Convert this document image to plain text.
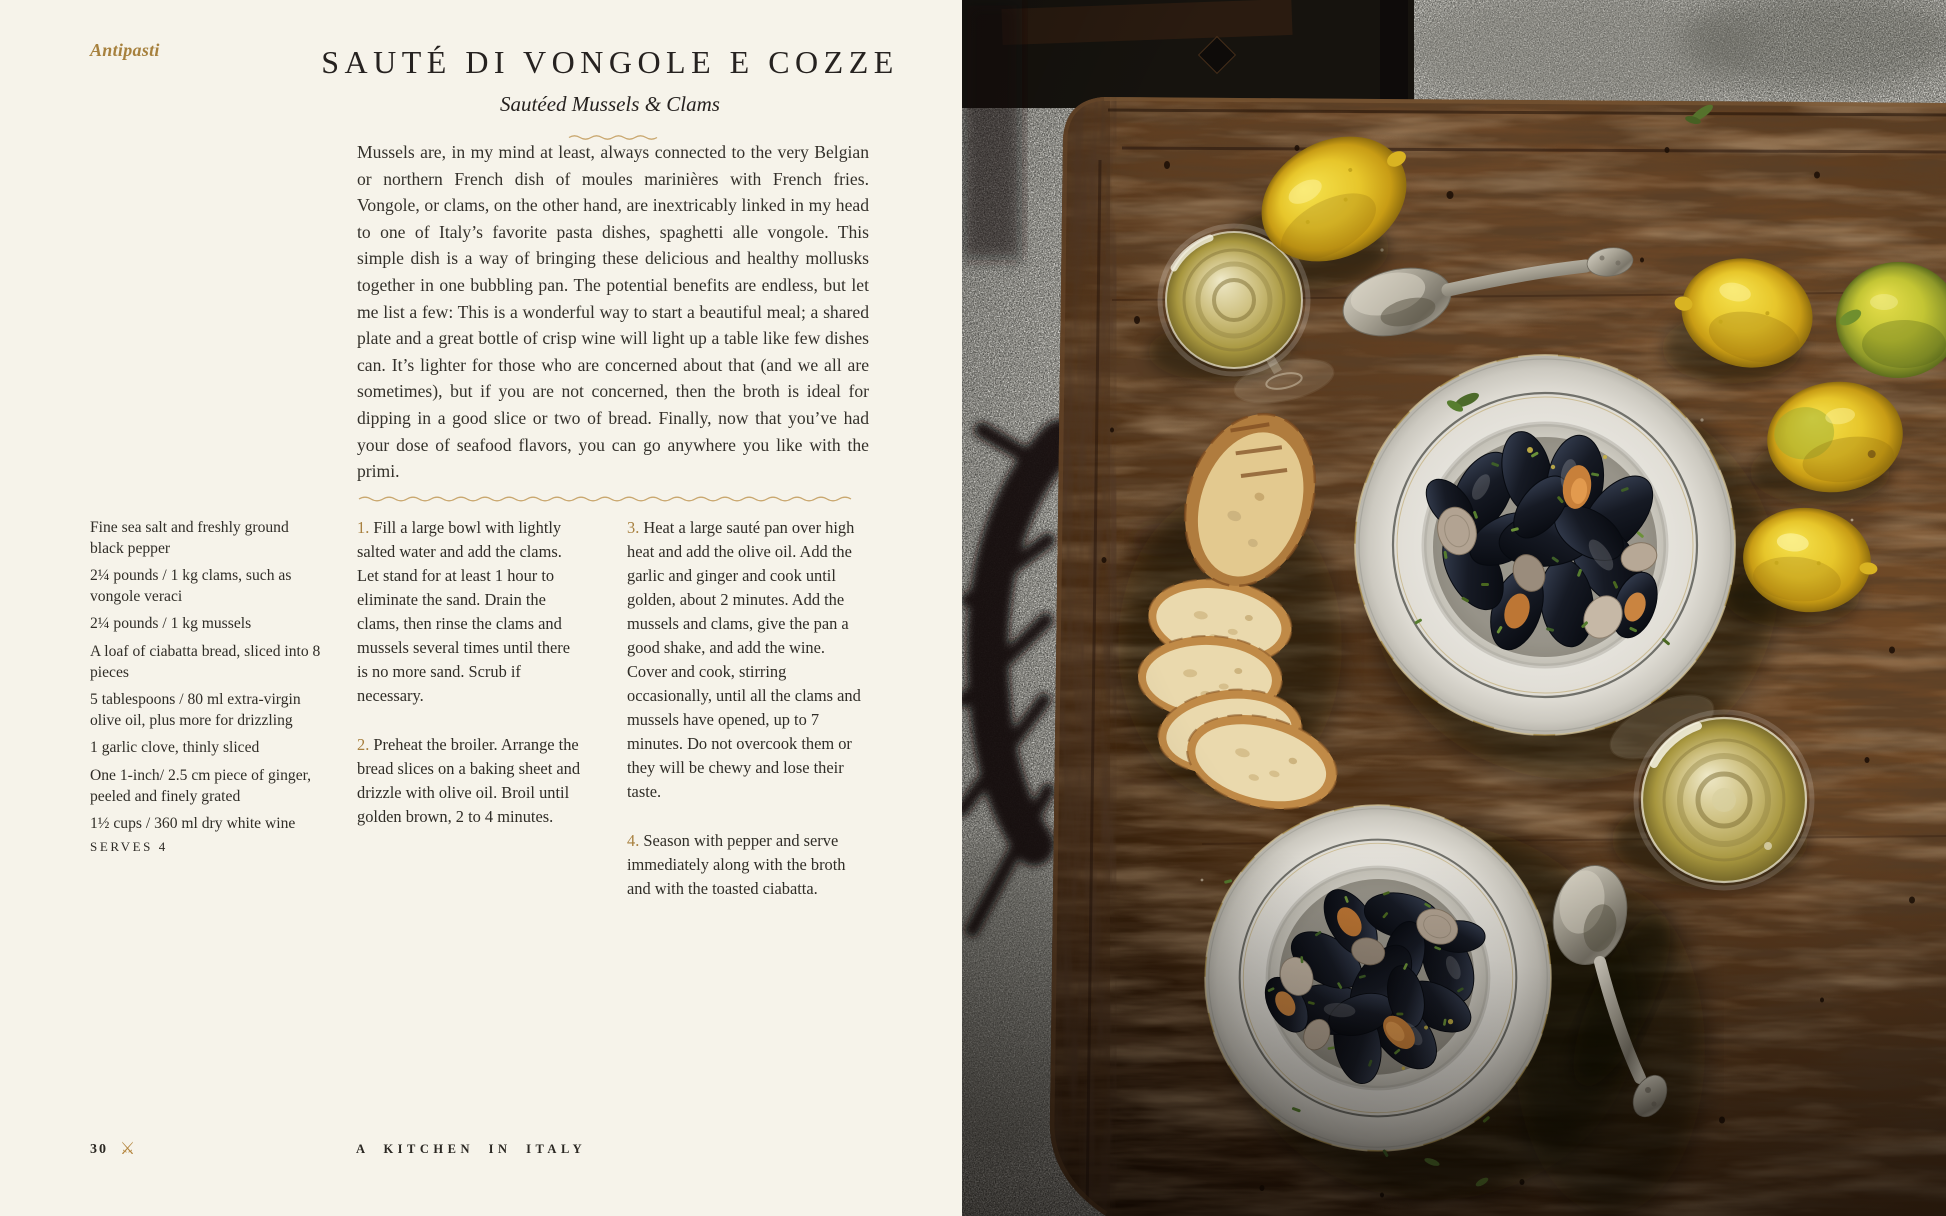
Antipasti	SAUTÉ DI VONGOLE E COZZE
Sautéed Mussels & Clams
Mussels are, in my mind at least, always connected to the very Belgian or northern French dish of moules marinières with French fries. Vongole, or clams, on the other hand, are inextricably linked in my head to one of Italy’s favorite pasta dishes, spaghetti alle vongole. This simple dish is a way of bringing these delicious and healthy mollusks together in one bubbling pan. The potential benefits are endless, but let me list a few: This is a wonderful way to start a beautiful meal; a shared plate and a great bottle of crisp wine will light up a table like few dishes can. It’s lighter for those who are concerned about that (and we all are sometimes), but if you are not concerned, then the broth is ideal for dipping in a good slice or two of bread. Finally, now that you’ve had your dose of seafood flavors, you can go anywhere you like with the primi.

Fine sea salt and freshly ground black pepper

2¼ pounds / 1 kg clams, such as vongole veraci

2¼ pounds / 1 kg mussels

A loaf of ciabatta bread, sliced into 8 pieces

5 tablespoons / 80 ml extra-virgin olive oil, plus more for drizzling

1 garlic clove, thinly sliced

One 1-inch/ 2.5 cm piece of ginger, peeled and finely grated

1½ cups / 360 ml dry white wine

SERVES 4

1. Fill a large bowl with lightly salted water and add the clams. Let stand for at least 1 hour to eliminate the sand. Drain the clams, then rinse the clams and mussels several times until there is no more sand. Scrub if necessary.

2. Preheat the broiler. Arrange the bread slices on a baking sheet and drizzle with olive oil. Broil until golden brown, 2 to 4 minutes.

3. Heat a large sauté pan over high heat and add the olive oil. Add the garlic and ginger and cook until golden, about 2 minutes. Add the mussels and clams, give the pan a good shake, and add the wine. Cover and cook, stirring occasionally, until all the clams and mussels have opened, up to 7 minutes. Do not overcook them or they will be chewy and lose their taste.

4. Season with pepper and serve immediately along with the broth and with the toasted ciabatta.

30 ⚔	A KITCHEN IN ITALY
